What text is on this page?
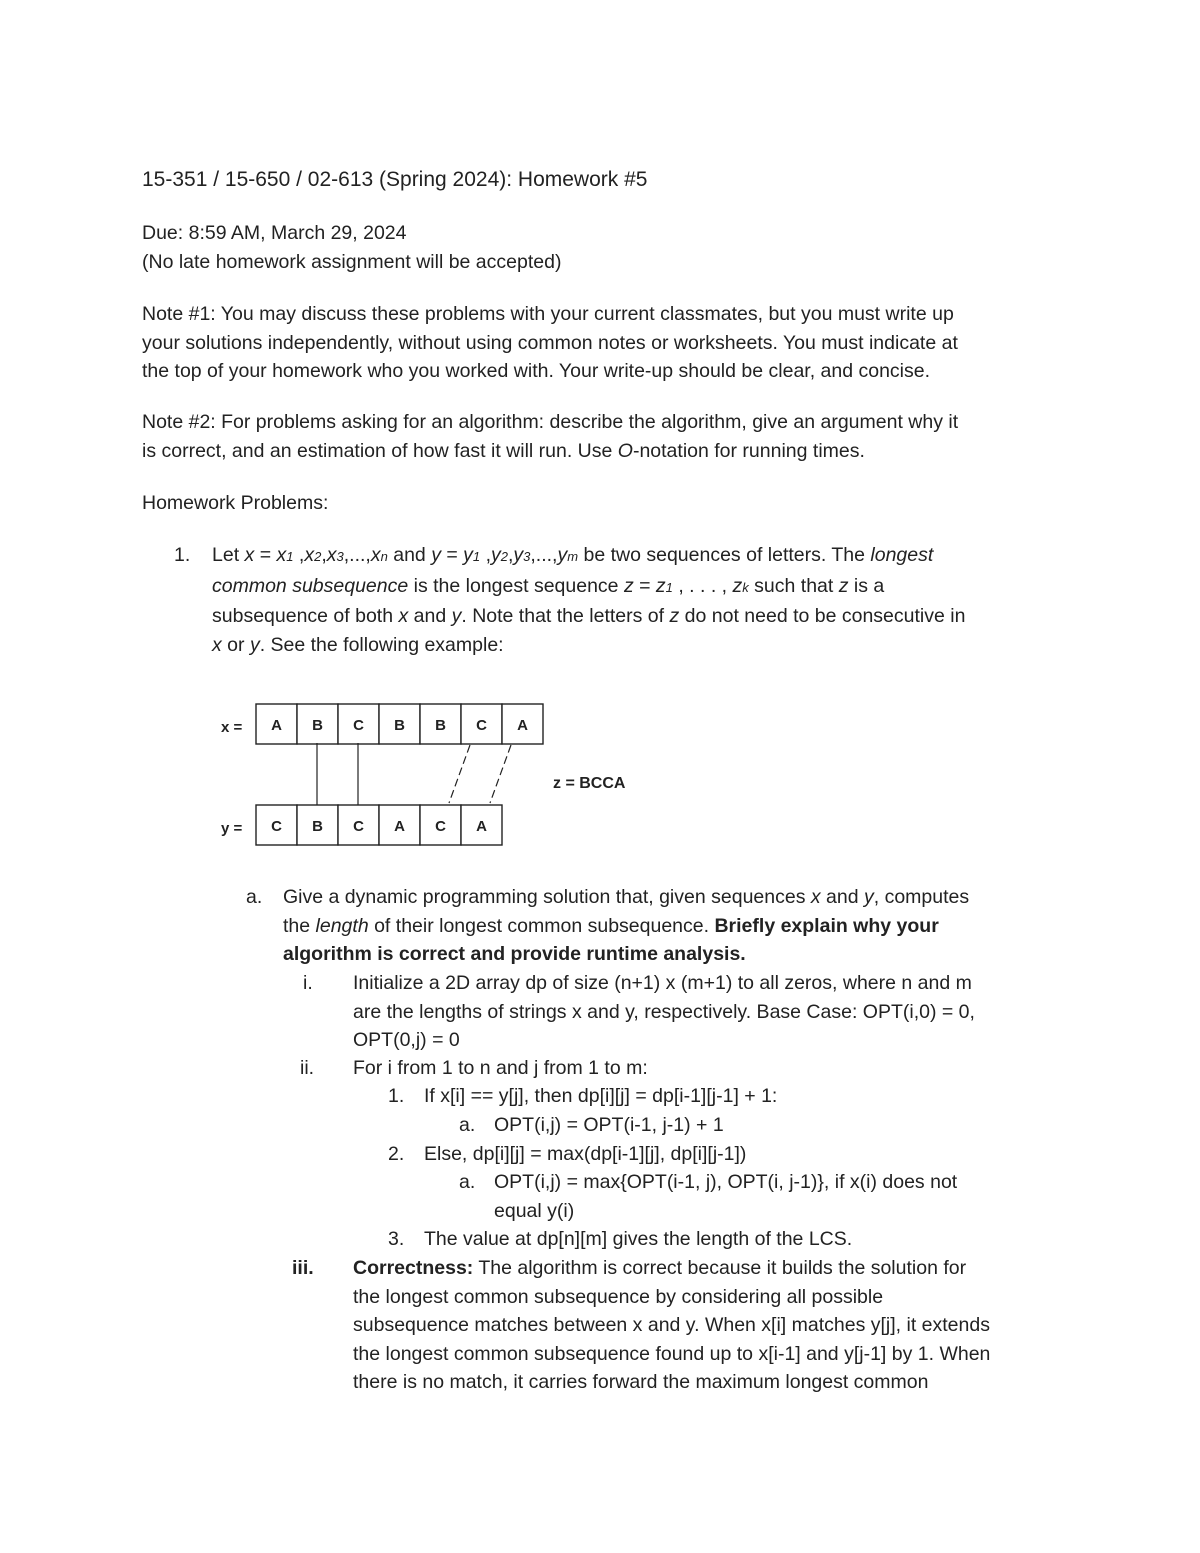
15-351 / 15-650 / 02-613 (Spring 2024): Homework #5
Due: 8:59 AM, March 29, 2024
(No late homework assignment will be accepted)
Note #1: You may discuss these problems with your current classmates, but you must write up
your solutions independently, without using common notes or worksheets. You must indicate at
the top of your homework who you worked with. Your write-up should be clear, and concise.
Note #2: For problems asking for an algorithm: describe the algorithm, give an argument why it
is correct, and an estimation of how fast it will run. Use O-notation for running times.
Homework Problems:
1. Let x = x1 ,x2,x3,...,xn and y = y1 ,y2,y3,...,ym be two sequences of letters. The longest
common subsequence is the longest sequence z = z1 , . . . , zk such that z is a
subsequence of both x and y. Note that the letters of z do not need to be consecutive in
x or y. See the following example:
x =
y =
z = BCCA
A B C B B C A
C B C A C A
a. Give a dynamic programming solution that, given sequences x and y, computes
the length of their longest common subsequence. Briefly explain why your
algorithm is correct and provide runtime analysis.
i. Initialize a 2D array dp of size (n+1) x (m+1) to all zeros, where n and m
are the lengths of strings x and y, respectively. Base Case: OPT(i,0) = 0,
OPT(0,j) = 0
ii. For i from 1 to n and j from 1 to m:
1. If x[i] == y[j], then dp[i][j] = dp[i-1][j-1] + 1:
a. OPT(i,j) = OPT(i-1, j-1) + 1
2. Else, dp[i][j] = max(dp[i-1][j], dp[i][j-1])
a. OPT(i,j) = max{OPT(i-1, j), OPT(i, j-1)}, if x(i) does not
equal y(i)
3. The value at dp[n][m] gives the length of the LCS.
iii. Correctness: The algorithm is correct because it builds the solution for
the longest common subsequence by considering all possible
subsequence matches between x and y. When x[i] matches y[j], it extends
the longest common subsequence found up to x[i-1] and y[j-1] by 1. When
there is no match, it carries forward the maximum longest common
